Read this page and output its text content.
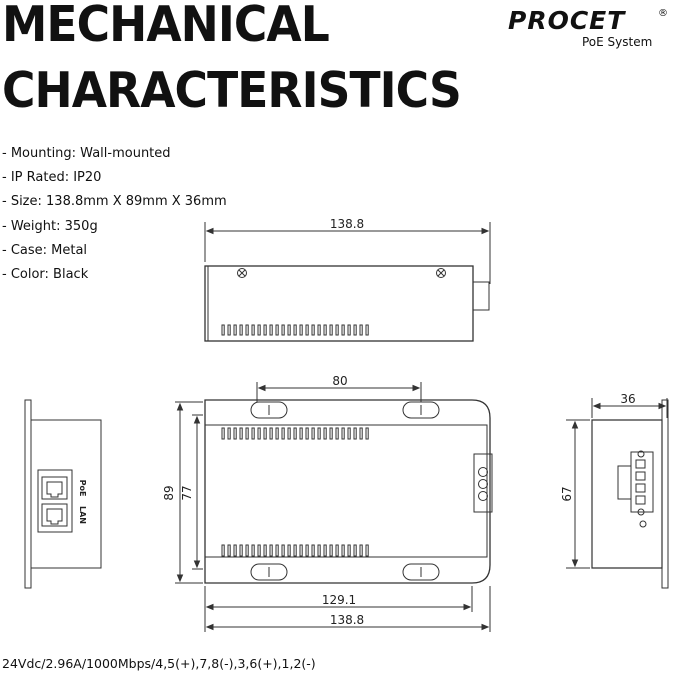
MECHANICAL
CHARACTERISTICS
PROCET	®
PoE System
- Mounting: Wall-mounted
- IP Rated: IP20
- Size: 138.8mm X 89mm X 36mm
- Weight: 350g
- Case: Metal
- Color: Black
138.8
80
89 77
129.1
138.8
36
67
PoE
LAN
24Vdc/2.96A/1000Mbps/4,5(+),7,8(-),3,6(+),1,2(-)
